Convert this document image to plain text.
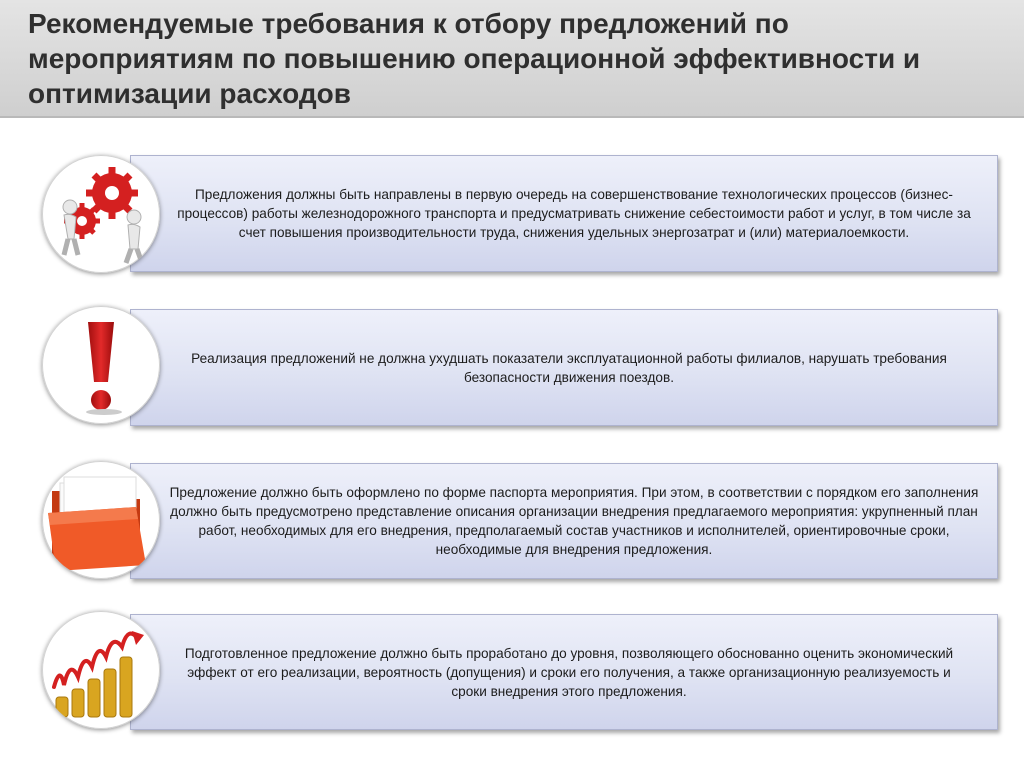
Рекомендуемые требования к отбору предложений по мероприятиям по повышению операционной эффективности и оптимизации расходов

Предложения должны быть направлены в первую очередь на совершенствование технологических процессов (бизнес-процессов) работы железнодорожного транспорта и предусматривать снижение себестоимости работ и услуг, в том числе за счет повышения производительности труда, снижения удельных энергозатрат и (или) материалоемкости.

Реализация предложений не должна ухудшать показатели эксплуатационной работы филиалов, нарушать требования безопасности движения поездов.

Предложение должно быть оформлено по форме паспорта мероприятия. При этом, в соответствии с порядком его заполнения должно быть предусмотрено представление описания организации внедрения предлагаемого мероприятия: укрупненный план работ, необходимых для его внедрения, предполагаемый состав участников и исполнителей, ориентировочные сроки, необходимые для внедрения предложения.

Подготовленное предложение должно быть проработано до уровня, позволяющего обоснованно оценить экономический эффект от его реализации, вероятность (допущения) и сроки его получения, а также организационную реализуемость и сроки внедрения этого предложения.
